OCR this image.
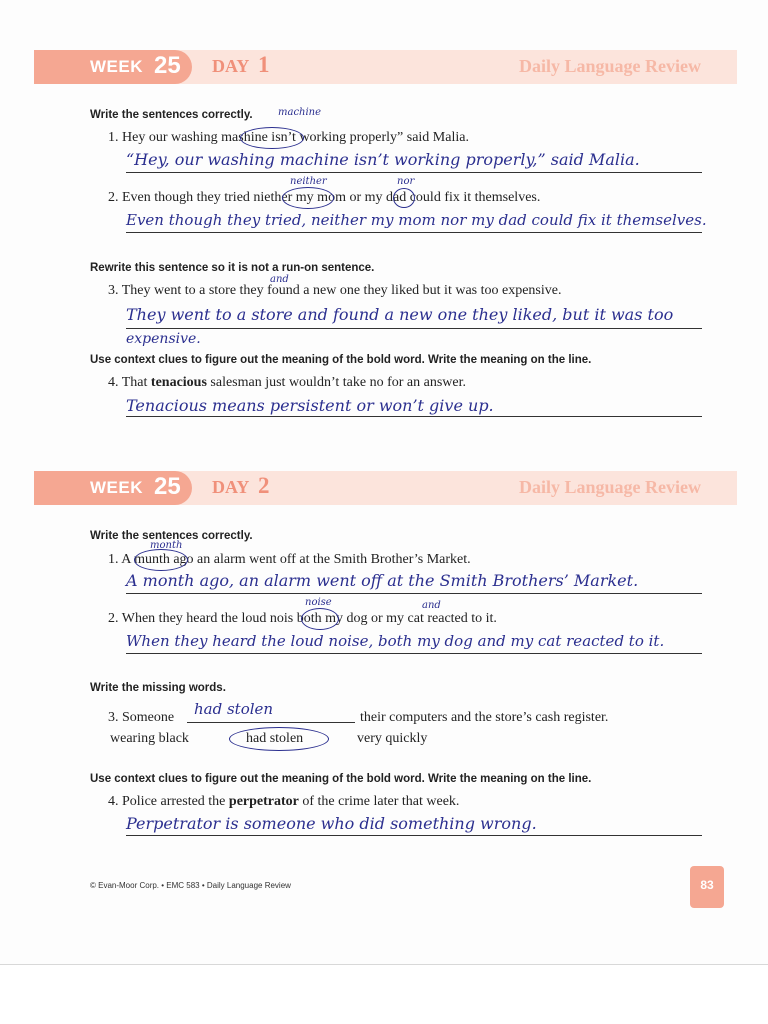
WEEK 25 DAY 1	Daily Language Review
Write the sentences correctly.	machine
1. Hey our washing mashine isn’t working properly” said Malia.
“Hey, our washing machine isn’t working properly,” said Malia.
neither	nor
2. Even though they tried niether my mom or my dad could fix it themselves.
Even though they tried, neither my mom nor my dad could fix it themselves.
Rewrite this sentence so it is not a run-on sentence.
and
3. They went to a store they found a new one they liked but it was too expensive.
They went to a store and found a new one they liked, but it was too
expensive.
Use context clues to figure out the meaning of the bold word. Write the meaning on the line.
4. That tenacious salesman just wouldn’t take no for an answer.
Tenacious means persistent or won’t give up.
WEEK 25 DAY 2	Daily Language Review
Write the sentences correctly.
month
1. A munth ago an alarm went off at the Smith Brother’s Market.
A month ago, an alarm went off at the Smith Brothers’ Market.
noise	and
2. When they heard the loud nois both my dog or my cat reacted to it.
When they heard the loud noise, both my dog and my cat reacted to it.
Write the missing words.
3. Someone had stolen	their computers and the store’s cash register.
wearing black	had stolen	very quickly
Use context clues to figure out the meaning of the bold word. Write the meaning on the line.
4. Police arrested the perpetrator of the crime later that week.
Perpetrator is someone who did something wrong.
© Evan-Moor Corp. • EMC 583 • Daily Language Review	83
